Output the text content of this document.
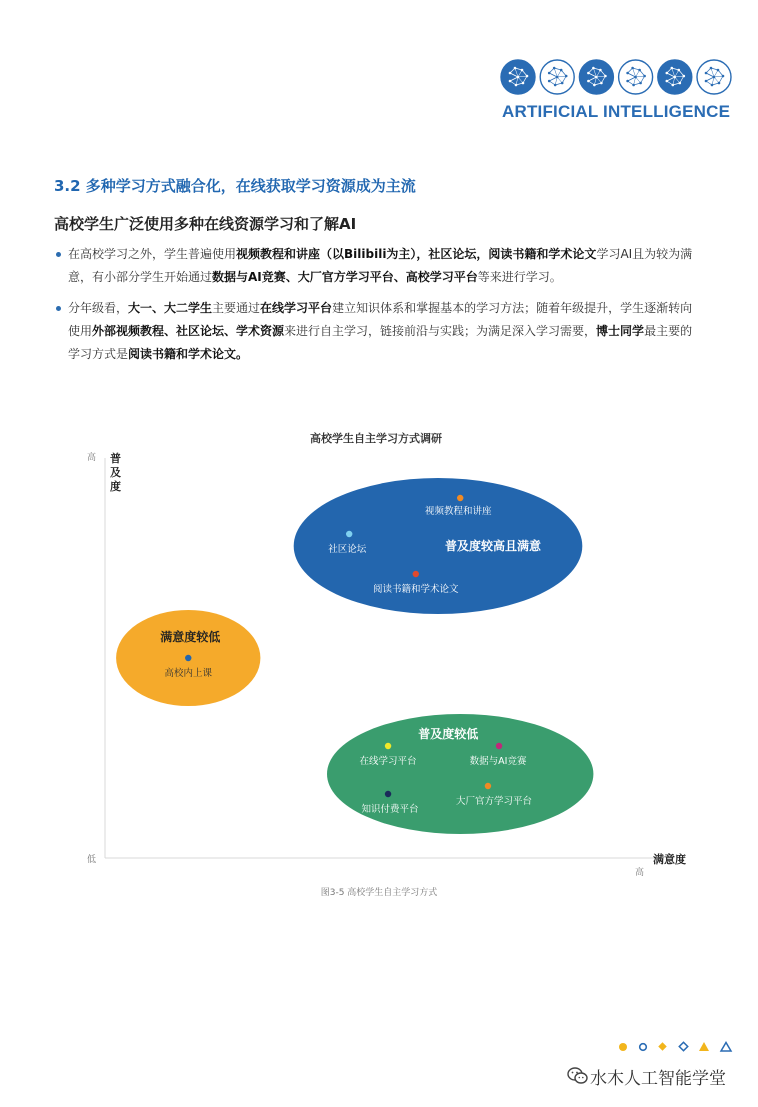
ARTIFICIAL INTELLIGENCE
3.2 多种学习方式融合化，在线获取学习资源成为主流
高校学生广泛使用多种在线资源学习和了解AI
在高校学习之外，学生普遍使用视频教程和讲座（以Bilibili为主），社区论坛，阅读书籍和学术论文学习AI且为较为满意，有小部分学生开始通过数据与AI竞赛、大厂官方学习平台、高校学习平台等来进行学习。
分年级看，大一、大二学生主要通过在线学习平台建立知识体系和掌握基本的学习方法；随着年级提升，学生逐渐转向使用外部视频教程、社区论坛、学术资源来进行自主学习，链接前沿与实践；为满足深入学习需要，博士同学最主要的学习方式是阅读书籍和学术论文。
高校学生自主学习方式调研
高
低
高
普及度
满意度
普及度较高且满意
满意度较低
普及度较低
视频教程和讲座
社区论坛
阅读书籍和学术论文
高校内上课
在线学习平台	数据与AI竞赛
大厂官方学习平台
知识付费平台
图3-5 高校学生自主学习方式
水木人工智能学堂
